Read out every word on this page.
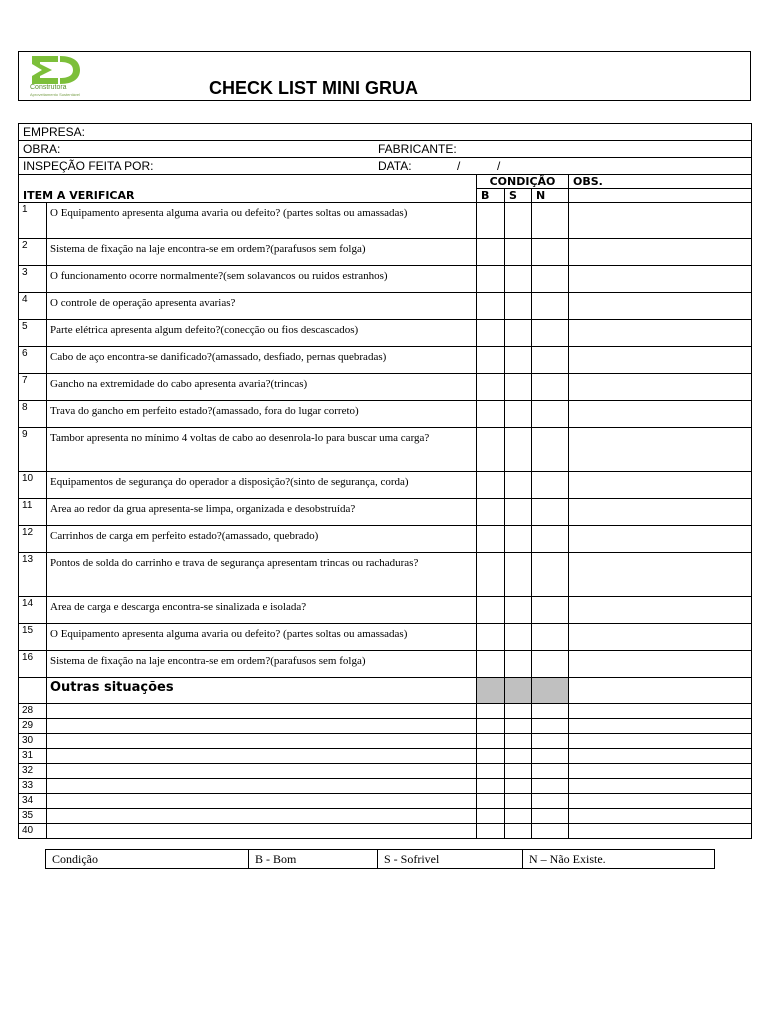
Construtora
Aproveitamento Sustentável	CHECK LIST MINI GRUA
EMPRESA:					
OBRA: FABRICANTE:					

INSPEÇÃO FEITA POR: DATA: / /					

ITEM A VERIFICAR		CONDIÇÃO			OBS.
		B	S	N	
1	O Equipamento apresenta alguma avaria ou defeito? (partes soltas ou amassadas)				
2	Sistema de fixação na laje encontra-se em ordem?(parafusos sem folga)				
3	O funcionamento ocorre normalmente?(sem solavancos ou ruidos estranhos)				
4	O controle de operação apresenta avarias?				
5	Parte elétrica apresenta algum defeito?(conecção ou fios descascados)				
6	Cabo de aço encontra-se danificado?(amassado, desfiado, pernas quebradas)				
7	Gancho na extremidade do cabo apresenta avaria?(trincas)				
8	Trava do gancho em perfeito estado?(amassado, fora do lugar correto)				
9	Tambor apresenta no mínimo 4 voltas de cabo ao desenrola-lo para buscar uma carga?				
10	Equipamentos de segurança do operador a disposição?(sinto de segurança, corda)				
11	Area ao redor da grua apresenta-se limpa, organizada e desobstruída?				
12	Carrinhos de carga em perfeito estado?(amassado, quebrado)				
13	Pontos de solda do carrinho e trava de segurança apresentam trincas ou rachaduras?				
14	Area de carga e descarga encontra-se sinalizada e isolada?				
15	O Equipamento apresenta alguma avaria ou defeito? (partes soltas ou amassadas)				
16	Sistema de fixação na laje encontra-se em ordem?(parafusos sem folga)				
	Outras situações				
28					
29					
30					
31					
32					
33					
34					
35					
40					
Condição	B - Bom	S - Sofrivel	N – Não Existe.
